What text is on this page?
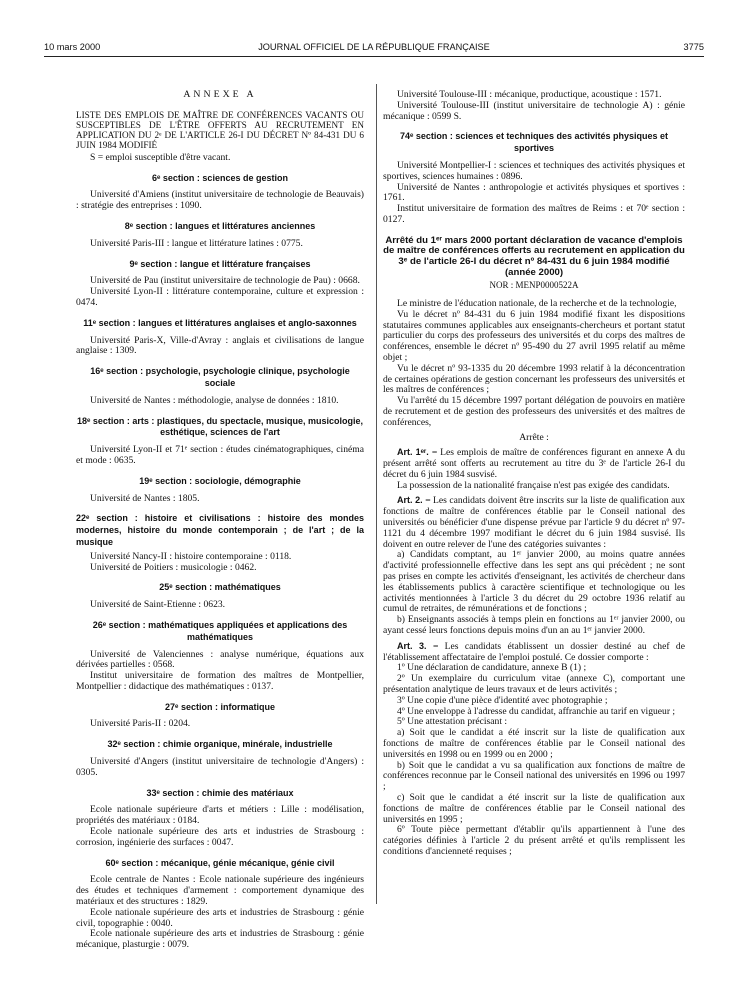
10 mars 2000	JOURNAL OFFICIEL DE LA RÉPUBLIQUE FRANÇAISE	3775
ANNEXE A

LISTE DES EMPLOIS DE MAÎTRE DE CONFÉRENCES VACANTS OU SUSCEPTIBLES DE L'ÊTRE OFFERTS AU RECRUTEMENT EN APPLICATION DU 2ᵉ DE L'ARTICLE 26-I DU DÉCRET Nº 84-431 DU 6 JUIN 1984 MODIFIÉ

S = emploi susceptible d'être vacant.

6ᵉ section : sciences de gestion

Université d'Amiens (institut universitaire de technologie de Beauvais) : stratégie des entreprises : 1090.

8ᵉ section : langues et littératures anciennes

Université Paris-III : langue et littérature latines : 0775.

9ᵉ section : langue et littérature françaises

Université de Pau (institut universitaire de technologie de Pau) : 0668.

Université Lyon-II : littérature contemporaine, culture et expression : 0474.

11ᵉ section : langues et littératures anglaises et anglo-saxonnes

Université Paris-X, Ville-d'Avray : anglais et civilisations de langue anglaise : 1309.

16ᵉ section : psychologie, psychologie clinique, psychologie sociale

Université de Nantes : méthodologie, analyse de données : 1810.

18ᵉ section : arts : plastiques, du spectacle, musique, musicologie, esthétique, sciences de l'art

Université Lyon-II et 71ᵉ section : études cinématographiques, cinéma et mode : 0635.

19ᵉ section : sociologie, démographie

Université de Nantes : 1805.

22ᵉ section : histoire et civilisations : histoire des mondes modernes, histoire du monde contemporain ; de l'art ; de la musique

Université Nancy-II : histoire contemporaine : 0118.

Université de Poitiers : musicologie : 0462.

25ᵉ section : mathématiques

Université de Saint-Etienne : 0623.

26ᵉ section : mathématiques appliquées et applications des mathématiques

Université de Valenciennes : analyse numérique, équations aux dérivées partielles : 0568.

Institut universitaire de formation des maîtres de Montpellier, Montpellier : didactique des mathématiques : 0137.

27ᵉ section : informatique

Université Paris-II : 0204.

32ᵉ section : chimie organique, minérale, industrielle

Université d'Angers (institut universitaire de technologie d'Angers) : 0305.

33ᵉ section : chimie des matériaux

Ecole nationale supérieure d'arts et métiers : Lille : modélisation, propriétés des matériaux : 0184.

Ecole nationale supérieure des arts et industries de Strasbourg : corrosion, ingénierie des surfaces : 0047.

60ᵉ section : mécanique, génie mécanique, génie civil

Ecole centrale de Nantes : Ecole nationale supérieure des ingénieurs des études et techniques d'armement : comportement dynamique des matériaux et des structures : 1829.

Ecole nationale supérieure des arts et industries de Strasbourg : génie civil, topographie : 0040.

Ecole nationale supérieure des arts et industries de Strasbourg : génie mécanique, plasturgie : 0079.

Université Toulouse-III : mécanique, productique, acoustique : 1571.

Université Toulouse-III (institut universitaire de technologie A) : génie mécanique : 0599 S.

74ᵉ section : sciences et techniques des activités physiques et sportives

Université Montpellier-I : sciences et techniques des activités physiques et sportives, sciences humaines : 0896.

Université de Nantes : anthropologie et activités physiques et sportives : 1761.

Institut universitaire de formation des maîtres de Reims : et 70ᵉ section : 0127.

Arrêté du 1ᵉʳ mars 2000 portant déclaration de vacance d'emplois de maître de conférences offerts au recrutement en application du 3ᵉ de l'article 26-I du décret nº 84-431 du 6 juin 1984 modifié (année 2000)
NOR : MENP0000522A

Le ministre de l'éducation nationale, de la recherche et de la technologie,

Vu le décret nº 84-431 du 6 juin 1984 modifié fixant les dispositions statutaires communes applicables aux enseignants-chercheurs et portant statut particulier du corps des professeurs des universités et du corps des maîtres de conférences, ensemble le décret nº 95-490 du 27 avril 1995 relatif au même objet ;

Vu le décret nº 93-1335 du 20 décembre 1993 relatif à la déconcentration de certaines opérations de gestion concernant les professeurs des universités et les maîtres de conférences ;

Vu l'arrêté du 15 décembre 1997 portant délégation de pouvoirs en matière de recrutement et de gestion des professeurs des universités et des maîtres de conférences,

Arrête :

Art. 1ᵉʳ. − Les emplois de maître de conférences figurant en annexe A du présent arrêté sont offerts au recrutement au titre du 3ᵉ de l'article 26-I du décret du 6 juin 1984 susvisé.

La possession de la nationalité française n'est pas exigée des candidats.

Art. 2. − Les candidats doivent être inscrits sur la liste de qualification aux fonctions de maître de conférences établie par le Conseil national des universités ou bénéficier d'une dispense prévue par l'article 9 du décret nº 97-1121 du 4 décembre 1997 modifiant le décret du 6 juin 1984 susvisé. Ils doivent en outre relever de l'une des catégories suivantes :

a) Candidats comptant, au 1ᵉʳ janvier 2000, au moins quatre années d'activité professionnelle effective dans les sept ans qui précèdent ; ne sont pas prises en compte les activités d'enseignant, les activités de chercheur dans les établissements publics à caractère scientifique et technologique ou les activités mentionnées à l'article 3 du décret du 29 octobre 1936 relatif au cumul de retraites, de rémunérations et de fonctions ;

b) Enseignants associés à temps plein en fonctions au 1ᵉʳ janvier 2000, ou ayant cessé leurs fonctions depuis moins d'un an au 1ᵉʳ janvier 2000.

Art. 3. − Les candidats établissent un dossier destiné au chef de l'établissement affectataire de l'emploi postulé. Ce dossier comporte :

1º Une déclaration de candidature, annexe B (1) ;

2º Un exemplaire du curriculum vitae (annexe C), comportant une présentation analytique de leurs travaux et de leurs activités ;

3º Une copie d'une pièce d'identité avec photographie ;

4º Une enveloppe à l'adresse du candidat, affranchie au tarif en vigueur ;

5º Une attestation précisant :

a) Soit que le candidat a été inscrit sur la liste de qualification aux fonctions de maître de conférences établie par le Conseil national des universités en 1998 ou en 1999 ou en 2000 ;

b) Soit que le candidat a vu sa qualification aux fonctions de maître de conférences reconnue par le Conseil national des universités en 1996 ou 1997 ;

c) Soit que le candidat a été inscrit sur la liste de qualification aux fonctions de maître de conférences établie par le Conseil national des universités en 1995 ;

6º Toute pièce permettant d'établir qu'ils appartiennent à l'une des catégories définies à l'article 2 du présent arrêté et qu'ils remplissent les conditions d'ancienneté requises ;
